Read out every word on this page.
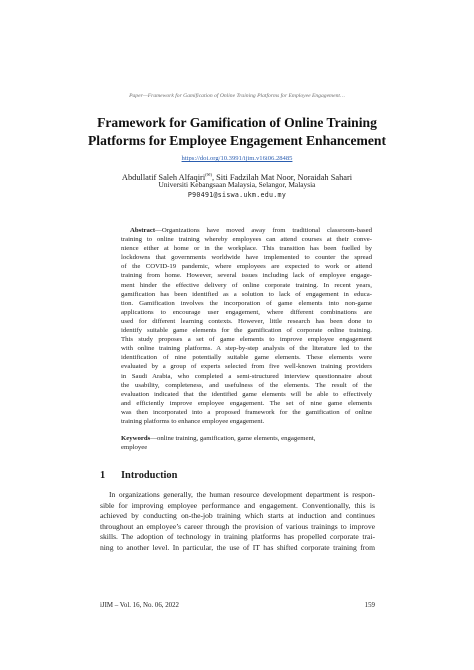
Paper—Framework for Gamification of Online Training Platforms for Employee Engagement…
Framework for Gamification of Online Training
Platforms for Employee Engagement Enhancement
https://doi.org/10.3991/ijim.v16i06.28485
Abdullatif Saleh Alfaqiri(✉), Siti Fadzilah Mat Noor, Noraidah Sahari
Universiti Kebangsaan Malaysia, Selangor, Malaysia
P90491@siswa.ukm.edu.my
Abstract—Organizations have moved away from traditional classroom-based
training to online training whereby employees can attend courses at their conve-
nience either at home or in the workplace. This transition has been fuelled by
lockdowns that governments worldwide have implemented to counter the spread
of the COVID-19 pandemic, where employees are expected to work or attend
training from home. However, several issues including lack of employee engage-
ment hinder the effective delivery of online corporate training. In recent years,
gamification has been identified as a solution to lack of engagement in educa-
tion. Gamification involves the incorporation of game elements into non-game
applications to encourage user engagement, where different combinations are
used for different learning contexts. However, little research has been done to
identify suitable game elements for the gamification of corporate online training.
This study proposes a set of game elements to improve employee engagement
with online training platforms. A step-by-step analysis of the literature led to the
identification of nine potentially suitable game elements. These elements were
evaluated by a group of experts selected from five well-known training providers
in Saudi Arabia, who completed a semi-structured interview questionnaire about
the usability, completeness, and usefulness of the elements. The result of the
evaluation indicated that the identified game elements will be able to effectively
and efficiently improve employee engagement. The set of nine game elements
was then incorporated into a proposed framework for the gamification of online
training platforms to enhance employee engagement.
Keywords—online training, gamification, game elements, engagement,
employee
1 Introduction
In organizations generally, the human resource development department is respon-
sible for improving employee performance and engagement. Conventionally, this is
achieved by conducting on-the-job training which starts at induction and continues
throughout an employee’s career through the provision of various trainings to improve
skills. The adoption of technology in training platforms has propelled corporate trai-
ning to another level. In particular, the use of IT has shifted corporate training from
iJIM ‒ Vol. 16, No. 06, 2022	159
